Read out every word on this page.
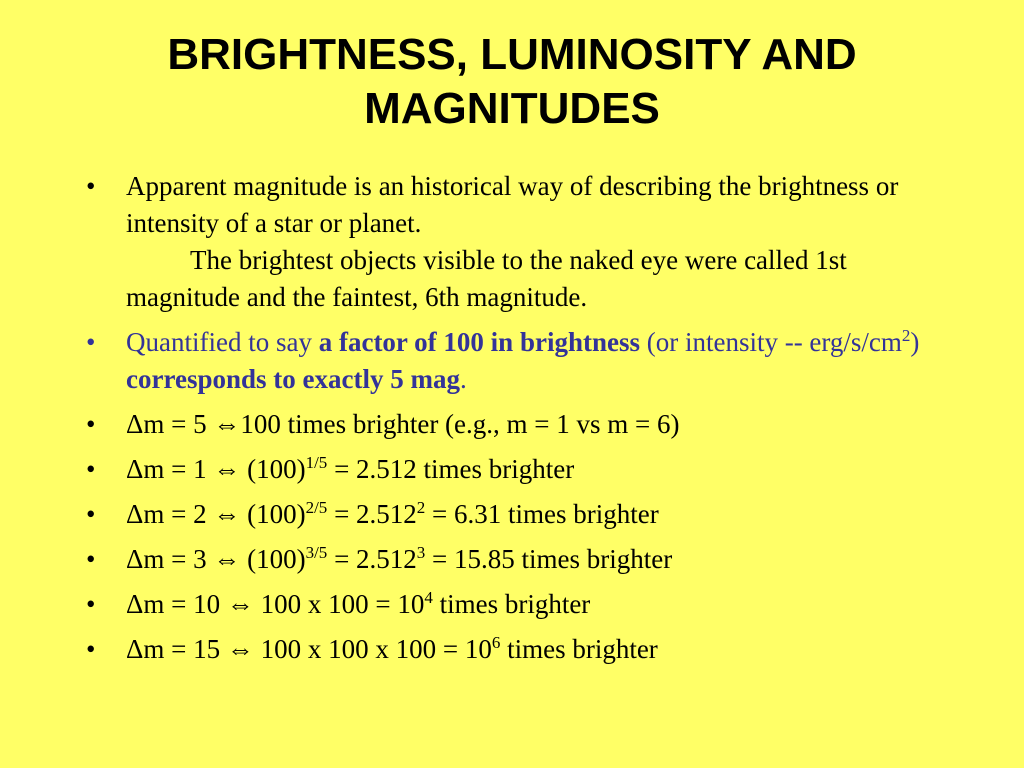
BRIGHTNESS, LUMINOSITY AND MAGNITUDES
• Apparent magnitude is an historical way of describing the brightness or intensity of a star or planet.
The brightest objects visible to the naked eye were called 1st magnitude and the faintest, 6th magnitude.
• Quantified to say a factor of 100 in brightness (or intensity -- erg/$s/cm^2$) corresponds to exactly 5 mag.
• Δm = 5 ⇔100 times brighter (e.g., m = 1 vs m = 6)
• Δm = 1 ⇔ $(100)^{1/5} = 2.512$ times brighter
• Δm = 2 ⇔ $(100)^{2/5} = 2.512^2 = 6.31$ times brighter
• Δm = 3 ⇔ $(100)^{3/5} = 2.512^3 = 15.85$ times brighter
• Δm = 10 ⇔ 100 x $100 = 10^4$ times brighter
• Δm = 15 ⇔ 100 x 100 x $100 = 10^6$ times brighter
